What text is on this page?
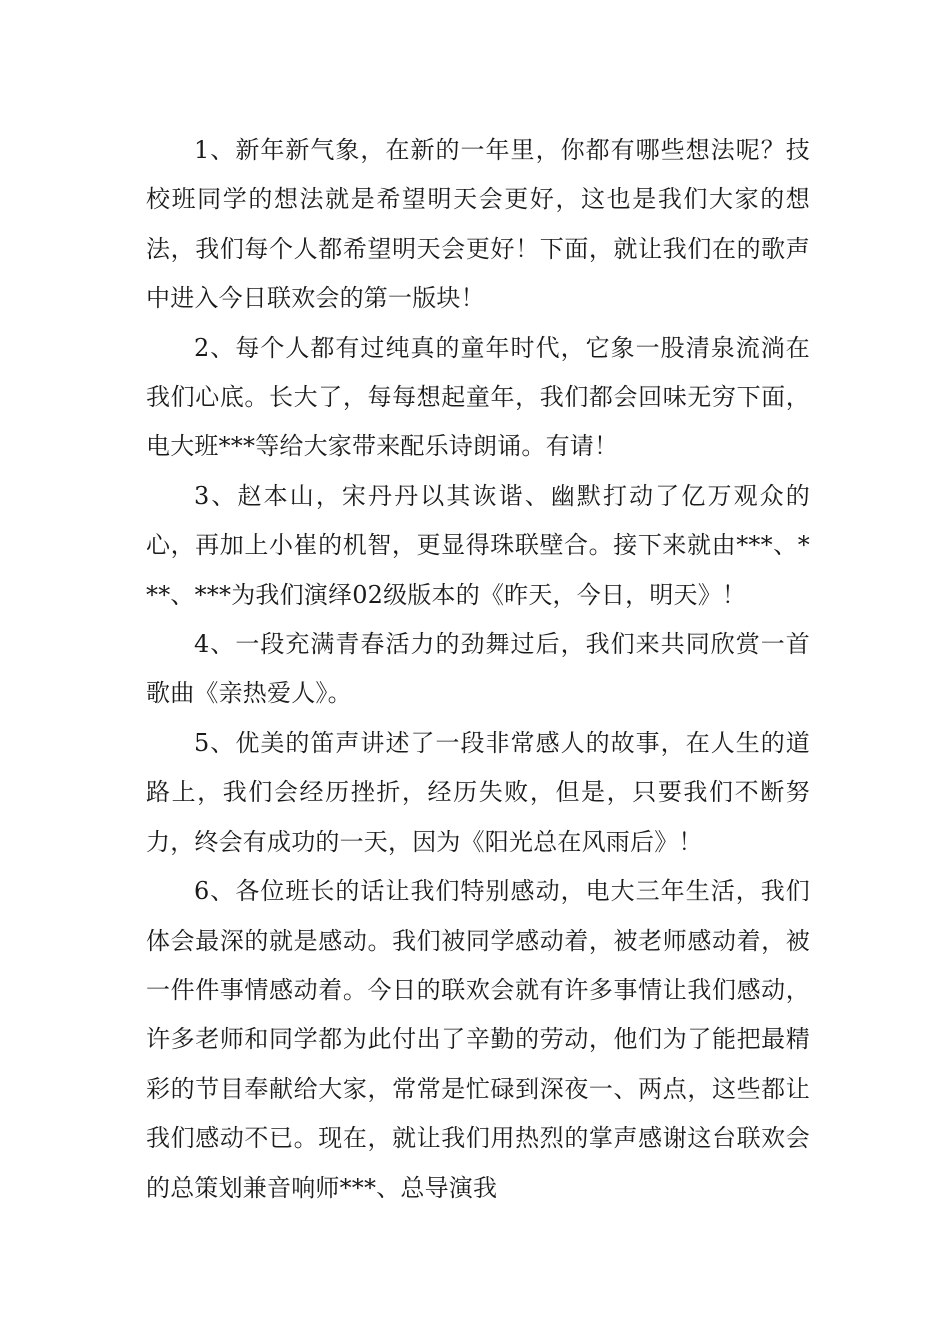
1、新年新气象，在新的一年里，你都有哪些想法呢？技校班同学的想法就是希望明天会更好，这也是我们大家的想法，我们每个人都希望明天会更好！下面，就让我们在的歌声中进入今日联欢会的第一版块！

2、每个人都有过纯真的童年时代，它象一股清泉流淌在我们心底。长大了，每每想起童年，我们都会回味无穷下面，电大班***等给大家带来配乐诗朗诵。有请！

3、赵本山，宋丹丹以其诙谐、幽默打动了亿万观众的心，再加上小崔的机智，更显得珠联壁合。接下来就由***、***、***为我们演绎02级版本的《昨天，今日，明天》！

4、一段充满青春活力的劲舞过后，我们来共同欣赏一首歌曲《亲热爱人》。

5、优美的笛声讲述了一段非常感人的故事，在人生的道路上，我们会经历挫折，经历失败，但是，只要我们不断努力，终会有成功的一天，因为《阳光总在风雨后》！

6、各位班长的话让我们特别感动，电大三年生活，我们体会最深的就是感动。我们被同学感动着，被老师感动着，被一件件事情感动着。今日的联欢会就有许多事情让我们感动，许多老师和同学都为此付出了辛勤的劳动，他们为了能把最精彩的节目奉献给大家，常常是忙碌到深夜一、两点，这些都让我们感动不已。现在，就让我们用热烈的掌声感谢这台联欢会的总策划兼音响师***、总导演我
